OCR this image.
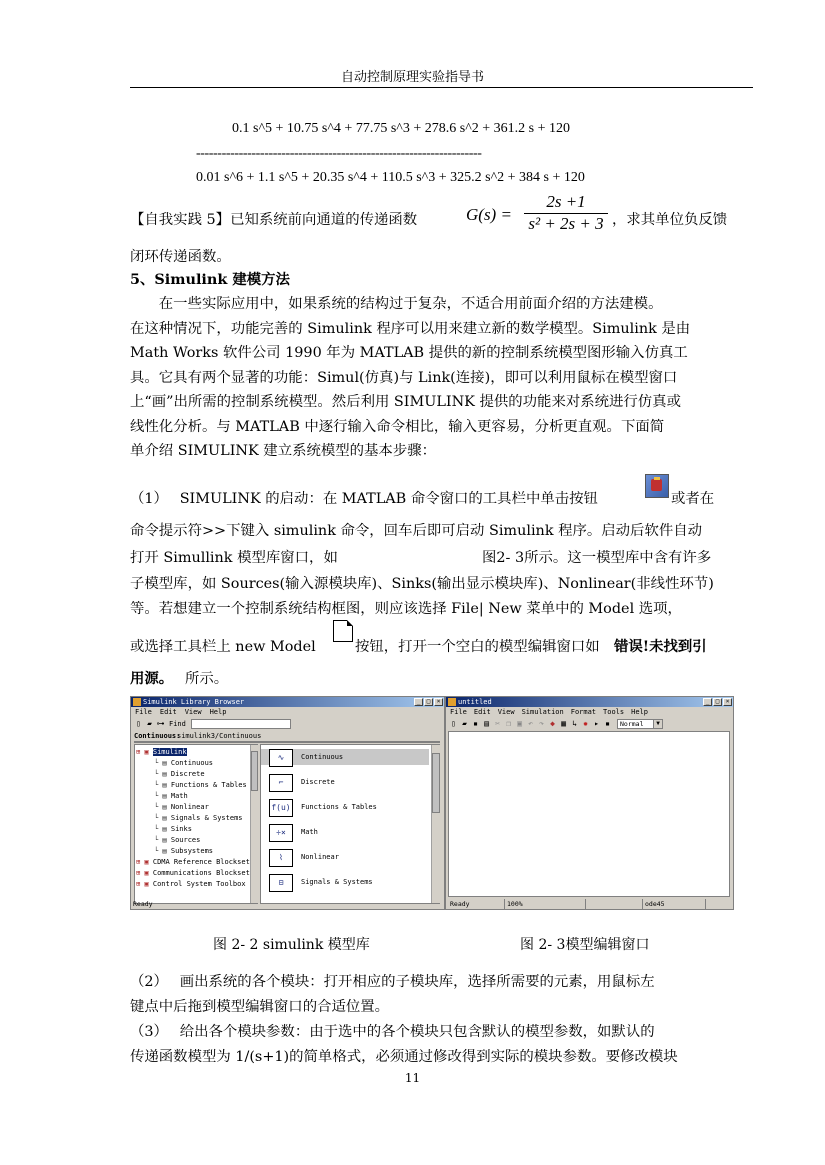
自动控制原理实验指导书
0.1 s^5 + 10.75 s^4 + 77.75 s^3 + 278.6 s^2 + 361.2 s + 120
-------------------------------------------------------------------
0.01 s^6 + 1.1 s^5 + 20.35 s^4 + 110.5 s^3 + 325.2 s^2 + 384 s + 120
【自我实践 5】已知系统前向通道的传递函数	G(s) =
2s +1
s² + 2s + 3 ，求其单位负反馈
闭环传递函数。
5、Simulink 建模方法
　　在一些实际应用中，如果系统的结构过于复杂，不适合用前面介绍的方法建模。
在这种情况下，功能完善的 Simulink 程序可以用来建立新的数学模型。Simulink 是由
Math Works 软件公司 1990 年为 MATLAB 提供的新的控制系统模型图形输入仿真工
具。它具有两个显著的功能：Simul(仿真)与 Link(连接)，即可以利用鼠标在模型窗口
上“画”出所需的控制系统模型。然后利用 SIMULINK 提供的功能来对系统进行仿真或
线性化分析。与 MATLAB 中逐行输入命令相比，输入更容易，分析更直观。下面简
单介绍 SIMULINK 建立系统模型的基本步骤：
（1）　 SIMULINK 的启动：在 MATLAB 命令窗口的工具栏中单击按钮	或者在
命令提示符>>下键入 simulink 命令，回车后即可启动 Simulink 程序。启动后软件自动
打开 Simullink 模型库窗口，如	图2- 3所示。这一模型库中含有许多
子模型库，如 Sources(输入源模块库)、Sinks(输出显示模块库)、Nonlinear(非线性环节)
等。若想建立一个控制系统结构框图，则应该选择 File| New 菜单中的 Model 选项，
或选择工具栏上 new Model	按钮，打开一个空白的模型编辑窗口如 错误!未找到引
用源。 所示。
Simulink Library Browser	_	□	×
File Edit View Help
▯ ▰ ⊶ Find
Continuous:
simulink3/Continuous
⊞ ▣ Simulink
└ ▤ Continuous
└ ▤ Discrete
└ ▤ Functions & Tables
└ ▤ Math
└ ▤ Nonlinear
└ ▤ Signals & Systems
└ ▤ Sinks
└ ▤ Sources
└ ▤ Subsystems
⊞ ▣ CDMA Reference Blockset
⊞ ▣ Communications Blockset
⊞ ▣ Control System Toolbox
∿	Continuous
⌐	Discrete
f(u)	Functions & Tables
÷×	Math
⌇	Nonlinear
⊟	Signals & Systems
Ready
untitled	_	□	×
File Edit View Simulation Format Tools Help
▯ ▰ ▪ ▤ ✂ ❐ ▣ ↶ ↷ ◆ ▦ ↳ ✹ ▸ ▪	Normal	▼
Ready	100%	ode45
图 2- 2 simulink 模型库	图 2- 3模型编辑窗口
（2）　 画出系统的各个模块：打开相应的子模块库，选择所需要的元素，用鼠标左
键点中后拖到模型编辑窗口的合适位置。
（3）　 给出各个模块参数：由于选中的各个模块只包含默认的模型参数，如默认的
传递函数模型为 1/(s+1)的简单格式，必须通过修改得到实际的模块参数。要修改模块
11
